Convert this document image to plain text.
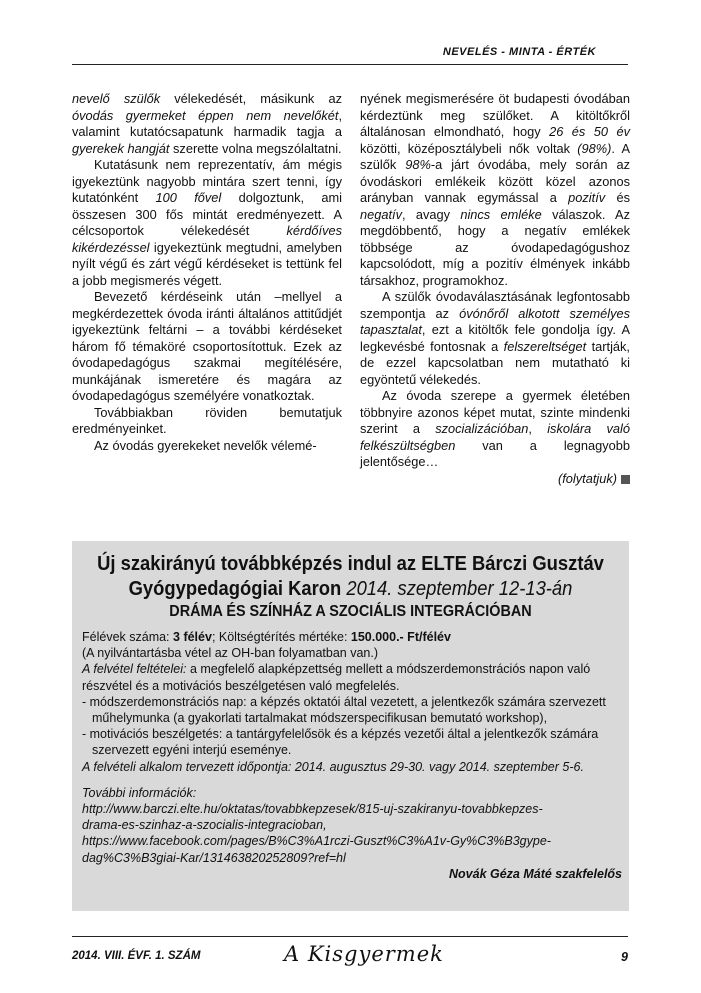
NEVELÉS - MINTA - ÉRTÉK

nevelő szülők vélekedését, másikunk az óvodás gyermeket éppen nem nevelőkét, valamint kutatócsapatunk harmadik tagja a gyerekek hangját szerette volna megszólaltatni.

Kutatásunk nem reprezentatív, ám mégis igyekeztünk nagyobb mintára szert tenni, így kutatónként 100 fővel dolgoztunk, ami összesen 300 fős mintát eredményezett. A célcsoportok vélekedését kérdőíves kikérdezéssel igyekeztünk megtudni, amelyben nyílt végű és zárt végű kérdéseket is tettünk fel a jobb megismerés végett.

Bevezető kérdéseink után –mellyel a megkérdezettek óvoda iránti általános attitűdjét igyekeztünk feltárni – a további kérdéseket három fő témaköré csoportosítottuk. Ezek az óvodapedagógus szakmai megítélésére, munkájának ismeretére és magára az óvodapedagógus személyére vonatkoztak.

Továbbiakban röviden bemutatjuk eredményeinket.

Az óvodás gyerekeket nevelők vélemé-

nyének megismerésére öt budapesti óvodában kérdeztünk meg szülőket. A kitöltőkről általánosan elmondható, hogy 26 és 50 év közötti, középosztálybeli nők voltak (98%). A szülők 98%-a járt óvodába, mely során az óvodáskori emlékeik között közel azonos arányban vannak egymással a pozitív és negatív, avagy nincs emléke válaszok. Az megdöbbentő, hogy a negatív emlékek többsége az óvodapedagógushoz kapcsolódott, míg a pozitív élmények inkább társakhoz, programokhoz.

A szülők óvodaválasztásának legfontosabb szempontja az óvónőről alkotott személyes tapasztalat, ezt a kitöltők fele gondolja így. A legkevésbé fontosnak a felszereltséget tartják, de ezzel kapcsolatban nem mutatható ki egyöntetű vélekedés.

Az óvoda szerepe a gyermek életében többnyire azonos képet mutat, szinte mindenki szerint a szocializációban, iskolára való felkészültségben van a legnagyobb jelentősége…

(folytatjuk)

Új szakirányú továbbképzés indul az ELTE Bárczi Gusztáv
Gyógypedagógiai Karon 2014. szeptember 12-13-án
DRÁMA ÉS SZÍNHÁZ A SZOCIÁLIS INTEGRÁCIÓBAN
Félévek száma: 3 félév; Költségtérítés mértéke: 150.000.- Ft/félév
(A nyilvántartásba vétel az OH-ban folyamatban van.)
A felvétel feltételei: a megfelelő alapképzettség mellett a módszerdemonstrációs napon való részvétel és a motivációs beszélgetésen való megfelelés.
- módszerdemonstrációs nap: a képzés oktatói által vezetett, a jelentkezők számára szervezett műhelymunka (a gyakorlati tartalmakat módszerspecifikusan bemutató workshop),
- motivációs beszélgetés: a tantárgyfelelősök és a képzés vezetői által a jelentkezők számára szervezett egyéni interjú eseménye.
A felvételi alkalom tervezett időpontja: 2014. augusztus 29-30. vagy 2014. szeptember 5-6.
További információk:
http://www.barczi.elte.hu/oktatas/tovabbkepzesek/815-uj-szakiranyu-tovabbkepzes-
drama-es-szinhaz-a-szocialis-integracioban,
https://www.facebook.com/pages/B%C3%A1rczi-Guszt%C3%A1v-Gy%C3%B3gype-
dag%C3%B3giai-Kar/131463820252809?ref=hl
Novák Géza Máté szakfelelős
2014. VIII. ÉVF. 1. SZÁM	A Kisgyermek	9
